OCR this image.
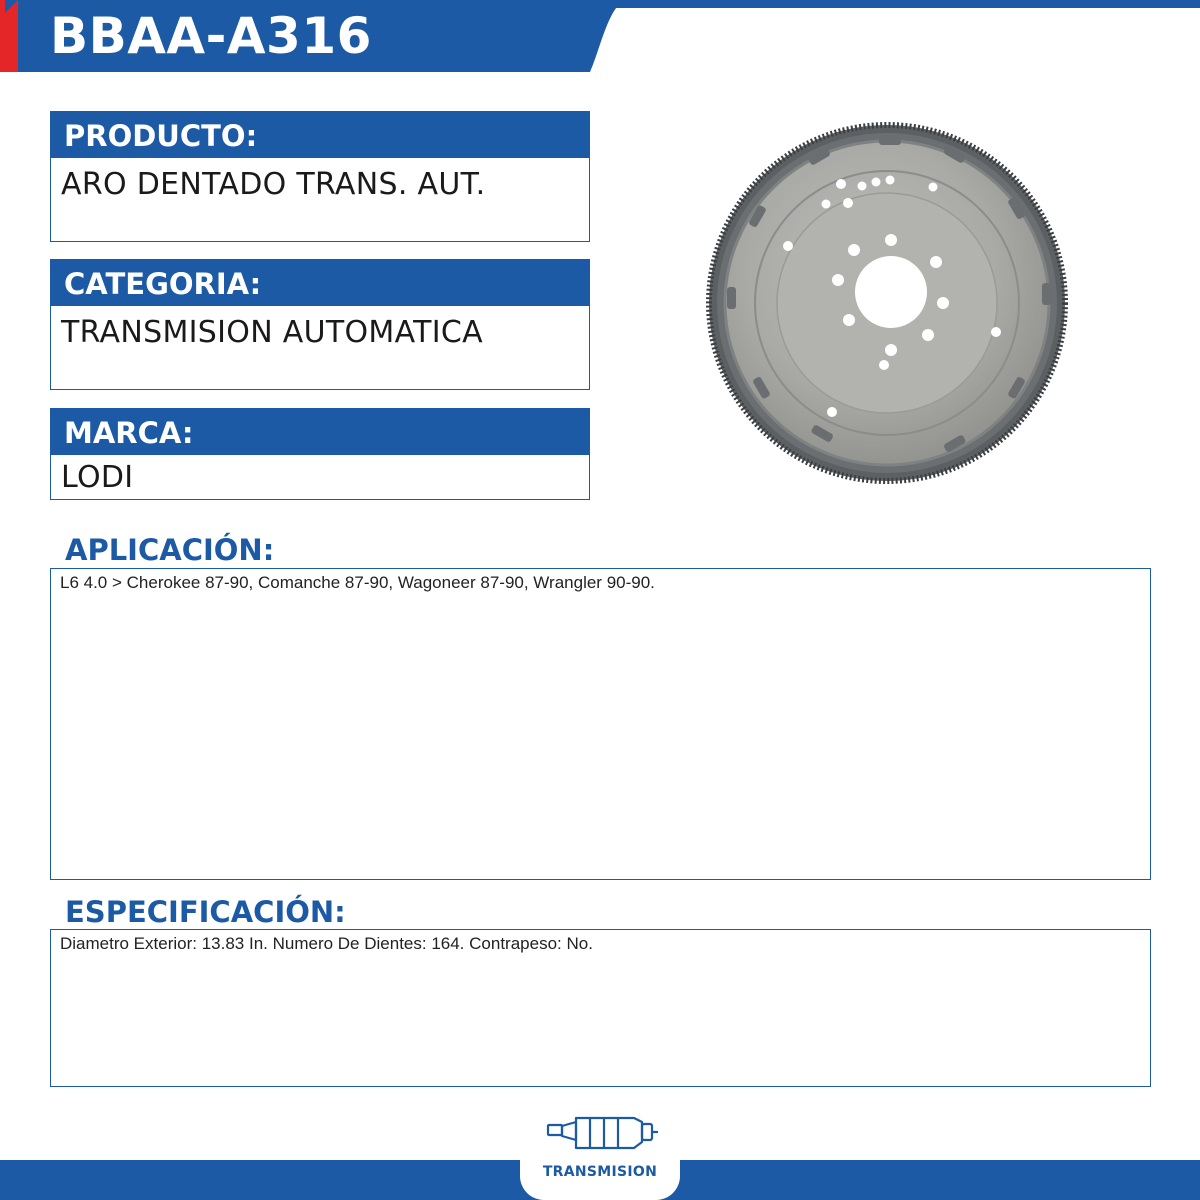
BBAA-A316
PRODUCTO:
ARO DENTADO TRANS. AUT.
CATEGORIA:
TRANSMISION AUTOMATICA
MARCA:
LODI
APLICACIÓN:
L6 4.0 > Cherokee 87-90, Comanche 87-90, Wagoneer 87-90, Wrangler 90-90.
ESPECIFICACIÓN:
Diametro Exterior: 13.83 In. Numero De Dientes: 164. Contrapeso: No.
TRANSMISION
